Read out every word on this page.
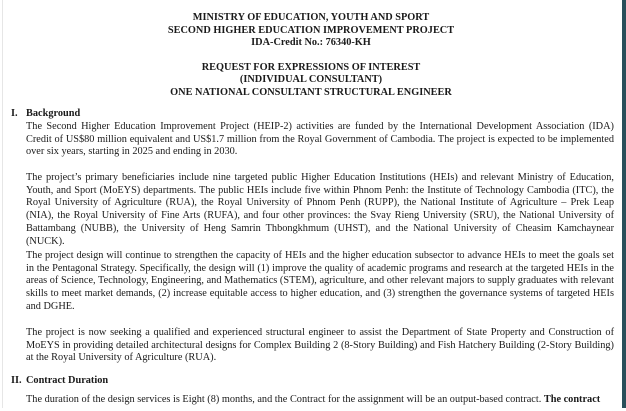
MINISTRY OF EDUCATION, YOUTH AND SPORT
SECOND HIGHER EDUCATION IMPROVEMENT PROJECT
IDA-Credit No.: 76340-KH
REQUEST FOR EXPRESSIONS OF INTEREST
(INDIVIDUAL CONSULTANT)
ONE NATIONAL CONSULTANT STRUCTURAL ENGINEER
I. Background
The Second Higher Education Improvement Project (HEIP-2) activities are funded by the International Development Association (IDA) Credit of US$80 million equivalent and US$1.7 million from the Royal Government of Cambodia. The project is expected to be implemented over six years, starting in 2025 and ending in 2030.
The project’s primary beneficiaries include nine targeted public Higher Education Institutions (HEIs) and relevant Ministry of Education, Youth, and Sport (MoEYS) departments. The public HEIs include five within Phnom Penh: the Institute of Technology Cambodia (ITC), the Royal University of Agriculture (RUA), the Royal University of Phnom Penh (RUPP), the National Institute of Agriculture – Prek Leap (NIA), the Royal University of Fine Arts (RUFA), and four other provinces: the Svay Rieng University (SRU), the National University of Battambang (NUBB), the University of Heng Samrin Thbongkhmum (UHST), and the National University of Cheasim Kamchaynear (NUCK).
The project design will continue to strengthen the capacity of HEIs and the higher education subsector to advance HEIs to meet the goals set in the Pentagonal Strategy. Specifically, the design will (1) improve the quality of academic programs and research at the targeted HEIs in the areas of Science, Technology, Engineering, and Mathematics (STEM), agriculture, and other relevant majors to supply graduates with relevant skills to meet market demands, (2) increase equitable access to higher education, and (3) strengthen the governance systems of targeted HEIs and DGHE.
The project is now seeking a qualified and experienced structural engineer to assist the Department of State Property and Construction of MoEYS in providing detailed architectural designs for Complex Building 2 (8-Story Building) and Fish Hatchery Building (2-Story Building) at the Royal University of Agriculture (RUA).
II. Contract Duration
The duration of the design services is Eight (8) months, and the Contract for the assignment will be an output-based contract. The contract
